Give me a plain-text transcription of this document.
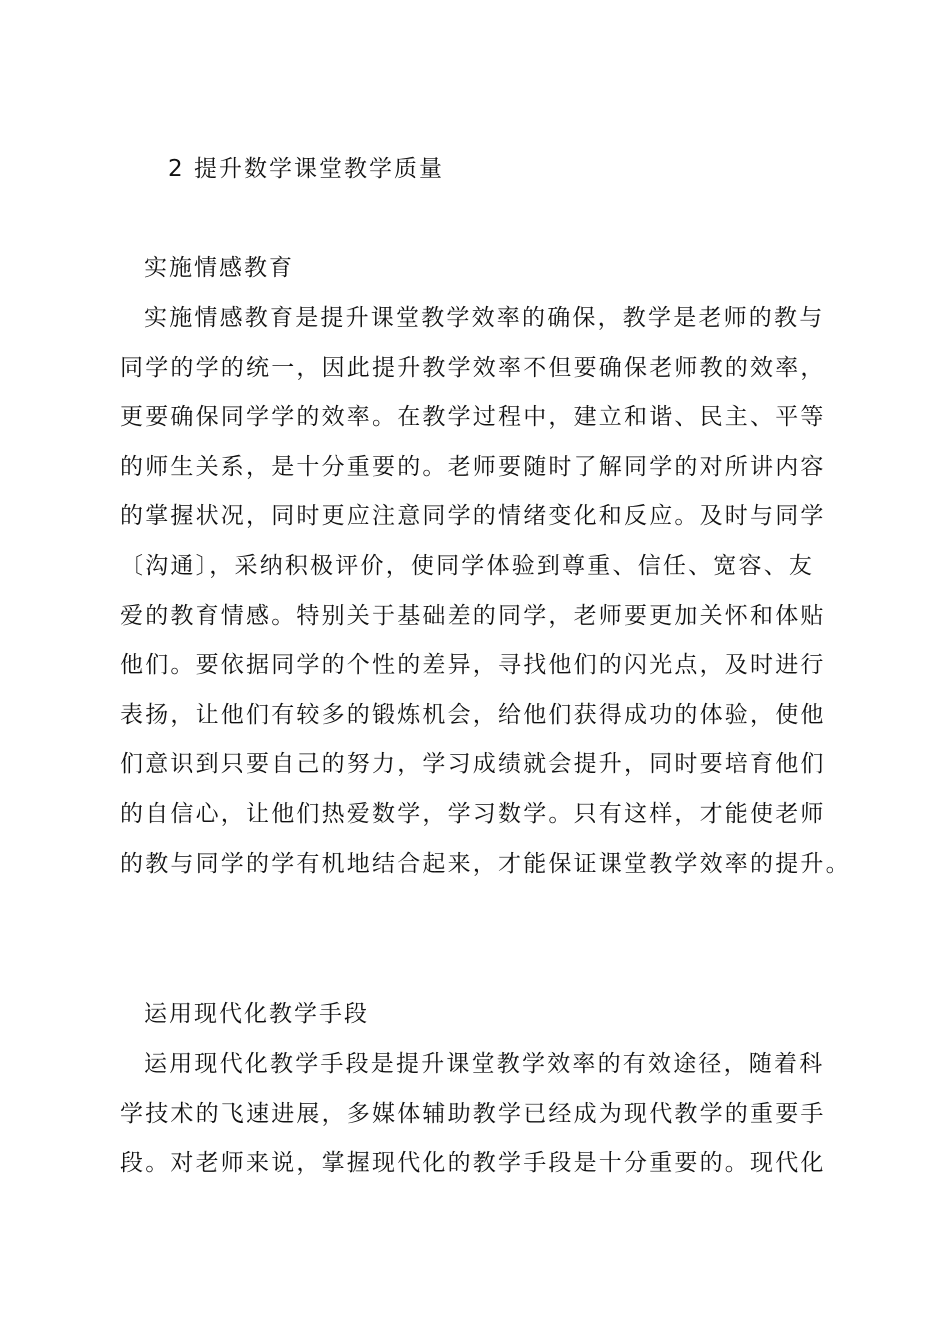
2 提升数学课堂教学质量
实施情感教育
实施情感教育是提升课堂教学效率的确保，教学是老师的教与
同学的学的统一，因此提升教学效率不但要确保老师教的效率，
更要确保同学学的效率。在教学过程中，建立和谐、民主、平等
的师生关系，是十分重要的。老师要随时了解同学的对所讲内容
的掌握状况，同时更应注意同学的情绪变化和反应。及时与同学
〔沟通〕，采纳积极评价，使同学体验到尊重、信任、宽容、友
爱的教育情感。特别关于基础差的同学，老师要更加关怀和体贴
他们。要依据同学的个性的差异，寻找他们的闪光点，及时进行
表扬，让他们有较多的锻炼机会，给他们获得成功的体验，使他
们意识到只要自己的努力，学习成绩就会提升，同时要培育他们
的自信心，让他们热爱数学，学习数学。只有这样，才能使老师
的教与同学的学有机地结合起来，才能保证课堂教学效率的提升。
运用现代化教学手段
运用现代化教学手段是提升课堂教学效率的有效途径，随着科
学技术的飞速进展，多媒体辅助教学已经成为现代教学的重要手
段。对老师来说，掌握现代化的教学手段是十分重要的。现代化
